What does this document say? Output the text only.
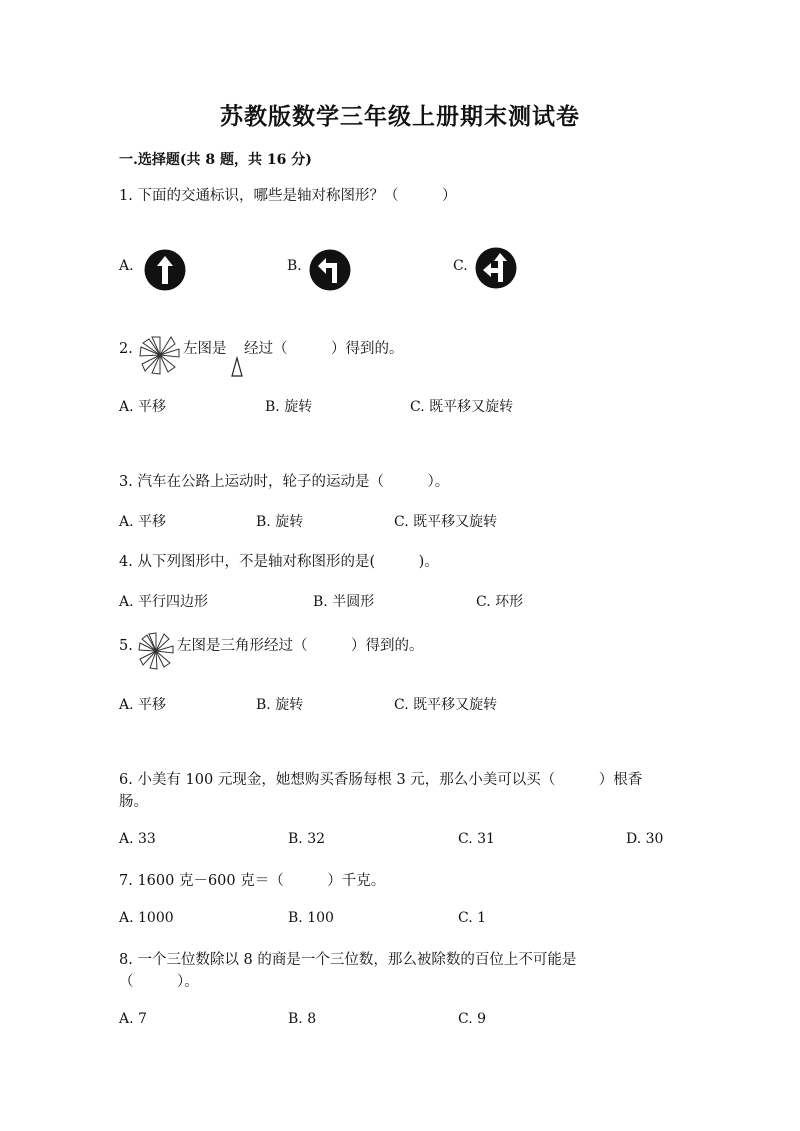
苏教版数学三年级上册期末测试卷
一.选择题(共 8 题，共 16 分)
1. 下面的交通标识，哪些是轴对称图形？（　　　）
A.	B.	C.
2.	左图是 经过（　　　）得到的。
A. 平移	B. 旋转	C. 既平移又旋转
3. 汽车在公路上运动时，轮子的运动是（　　　）。
A. 平移	B. 旋转	C. 既平移又旋转
4. 从下列图形中，不是轴对称图形的是(　　　)。
A. 平行四边形	B. 半圆形	C. 环形
5.	左图是三角形经过（　　　）得到的。
A. 平移	B. 旋转	C. 既平移又旋转
6. 小美有 100 元现金，她想购买香肠每根 3 元，那么小美可以买（　　　）根香
肠。
A. 33	B. 32	C. 31	D. 30
7. 1600 克－600 克＝（　　　）千克。
A. 1000	B. 100	C. 1
8. 一个三位数除以 8 的商是一个三位数，那么被除数的百位上不可能是
（　　　）。
A. 7	B. 8	C. 9
